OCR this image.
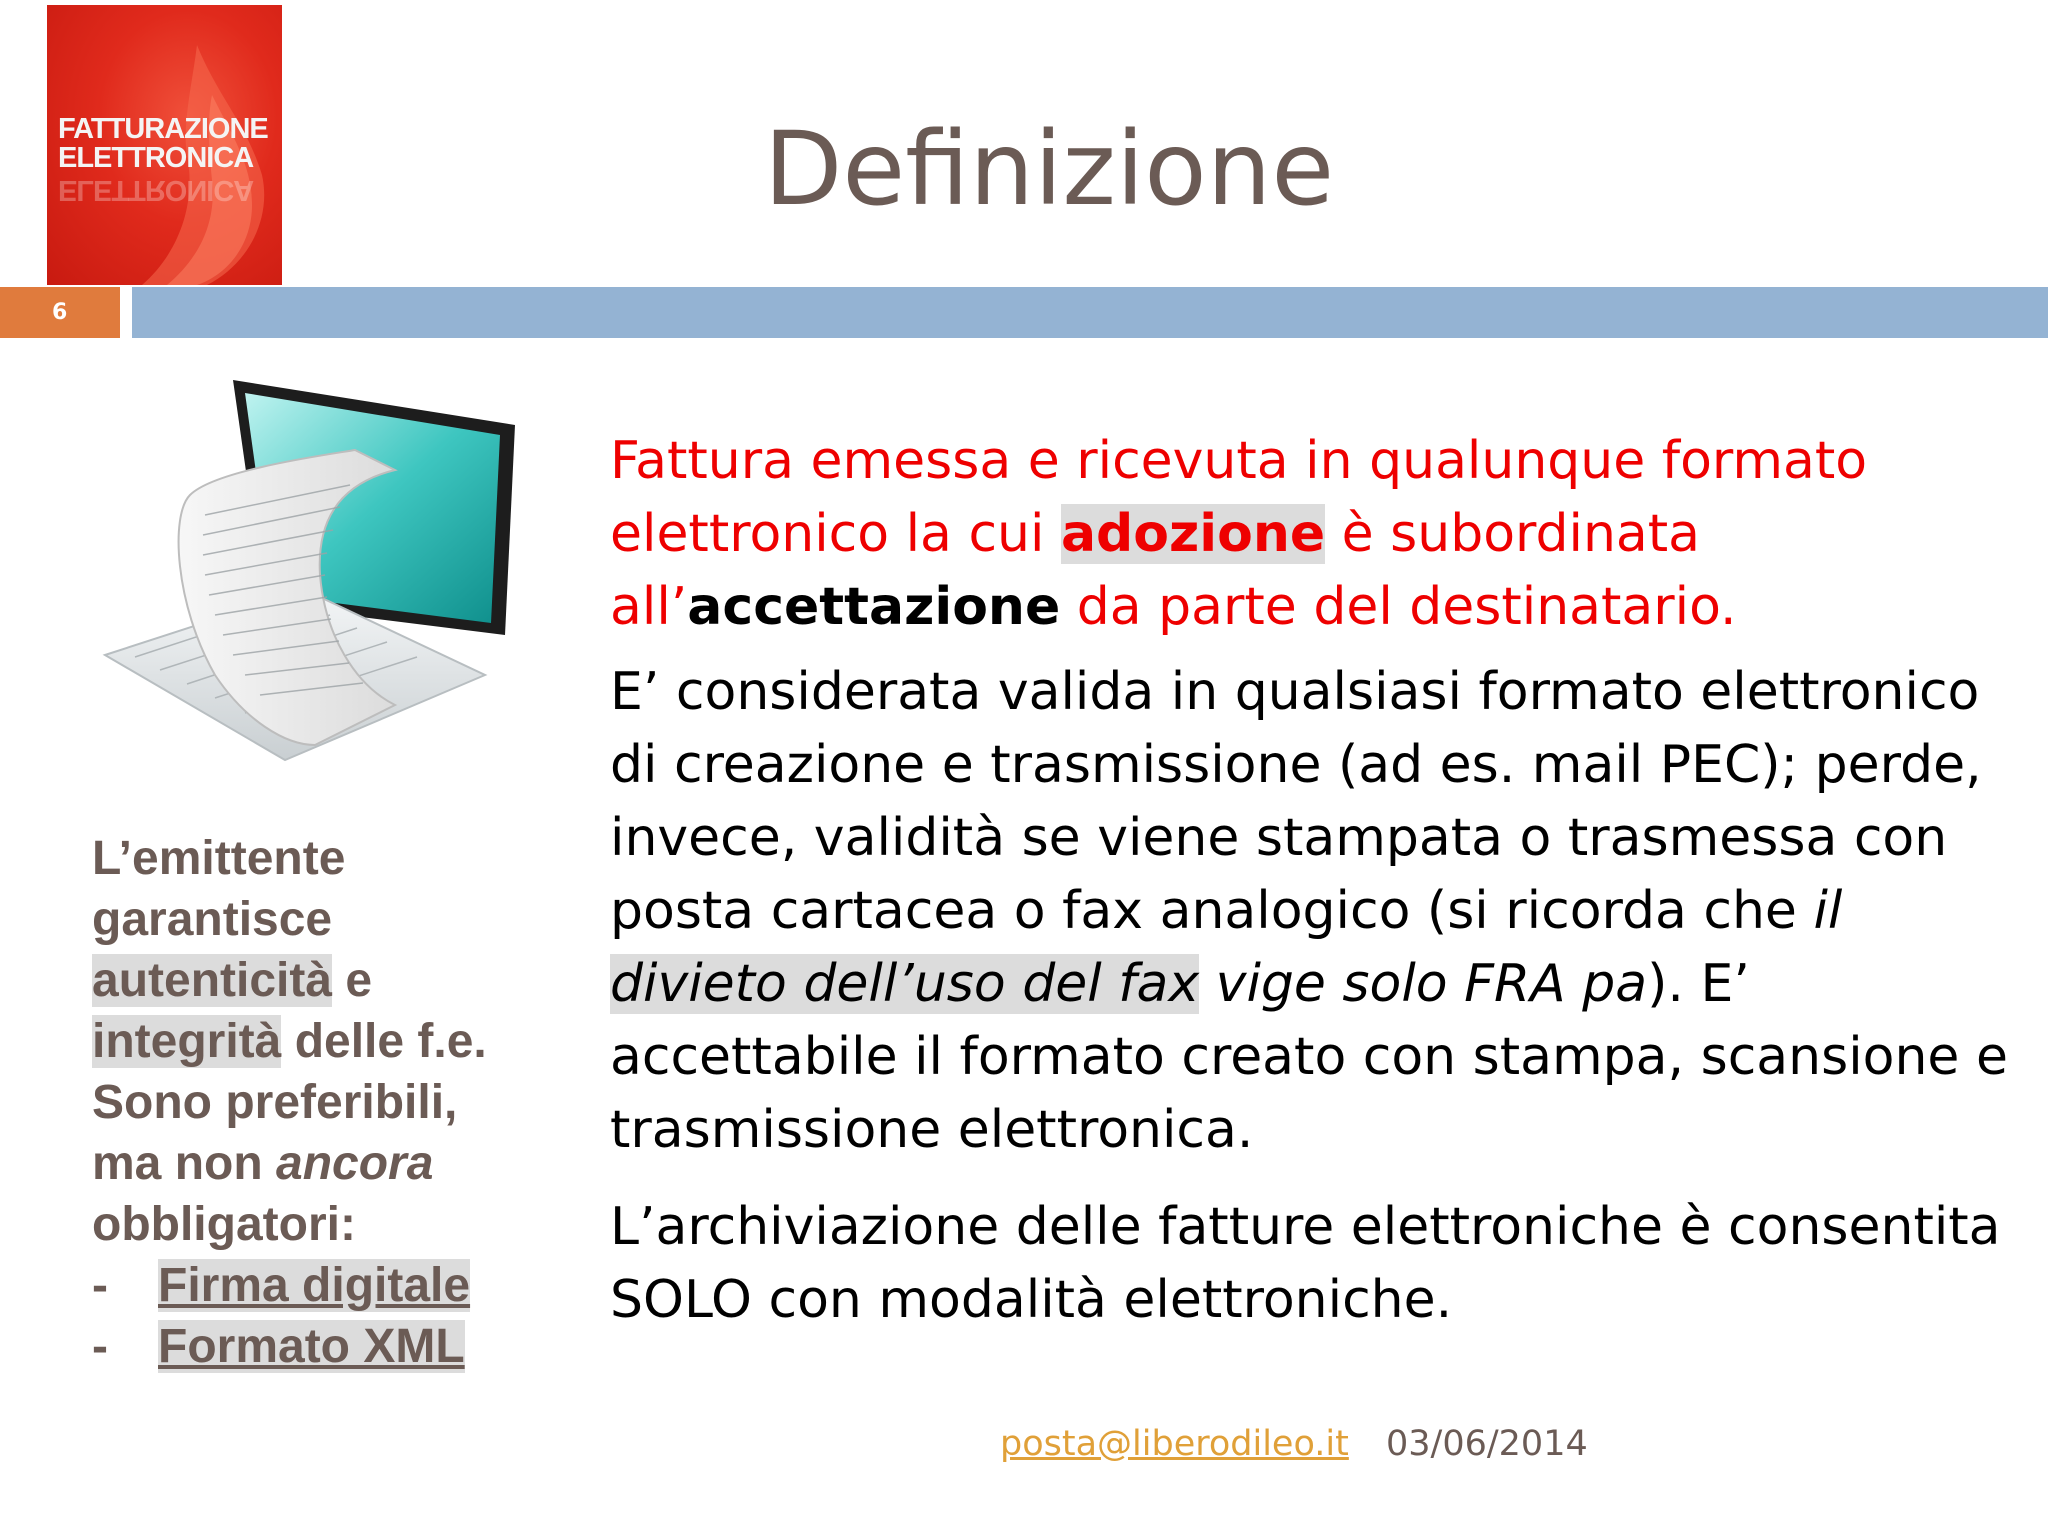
FATTURAZIONE
ELETTRONICA
ELETTRONICA	Definizione
6
L’emittente
garantisce
autenticità e
integrità delle f.e.
Sono preferibili,
ma non ancora
obbligatori:
- Firma digitale
- Formato XML

Fattura emessa e ricevuta in qualunque formato elettronico la cui adozione è subordinata all’accettazione da parte del destinatario.

E’ considerata valida in qualsiasi formato elettronico di creazione e trasmissione (ad es. mail PEC); perde, invece, validità se viene stampata o trasmessa con posta cartacea o fax analogico (si ricorda che il divieto dell’uso del fax vige solo FRA pa). E’ accettabile il formato creato con stampa, scansione e trasmissione elettronica.

L’archiviazione delle fatture elettroniche è consentita SOLO con modalità elettroniche.

posta@liberodileo.it 03/06/2014
